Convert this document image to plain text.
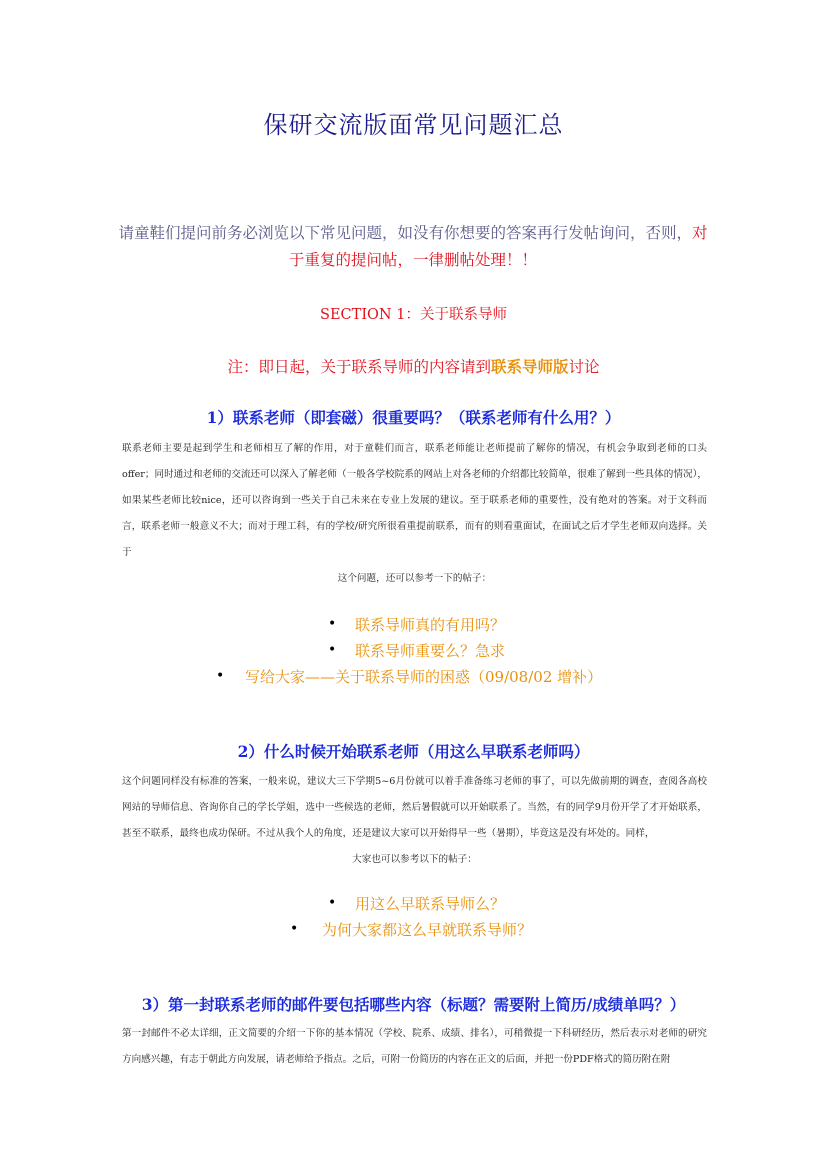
保研交流版面常见问题汇总
请童鞋们提问前务必浏览以下常见问题，如没有你想要的答案再行发帖询问，否则，对于重复的提问帖，一律删帖处理！！
SECTION 1：关于联系导师
注：即日起，关于联系导师的内容请到联系导师版讨论
1）联系老师（即套磁）很重要吗？（联系老师有什么用？）
联系老师主要是起到学生和老师相互了解的作用，对于童鞋们而言，联系老师能让老师提前了解你的情况，有机会争取到老师的口头offer；同时通过和老师的交流还可以深入了解老师（一般各学校院系的网站上对各老师的介绍都比较简单，很难了解到一些具体的情况），如果某些老师比较nice，还可以咨询到一些关于自己未来在专业上发展的建议。至于联系老师的重要性，没有绝对的答案。对于文科而言，联系老师一般意义不大；而对于理工科，有的学校/研究所很看重提前联系，而有的则看重面试，在面试之后才学生老师双向选择。关于
这个问题，还可以参考一下的帖子：
• 联系导师真的有用吗？
• 联系导师重要么？急求
• 写给大家——关于联系导师的困惑（09/08/02 增补）
2）什么时候开始联系老师（用这么早联系老师吗）
这个问题同样没有标准的答案，一般来说，建议大三下学期5~6月份就可以着手准备练习老师的事了，可以先做前期的调查，查阅各高校网站的导师信息、咨询你自己的学长学姐，选中一些候选的老师，然后暑假就可以开始联系了。当然，有的同学9月份开学了才开始联系，甚至不联系，最终也成功保研。不过从我个人的角度，还是建议大家可以开始得早一些（暑期），毕竟这是没有坏处的。同样，
大家也可以参考以下的帖子：
• 用这么早联系导师么？
• 为何大家都这么早就联系导师？
3）第一封联系老师的邮件要包括哪些内容（标题？需要附上简历/成绩单吗？）
第一封邮件不必太详细，正文简要的介绍一下你的基本情况（学校、院系、成绩、排名），可稍微提一下科研经历，然后表示对老师的研究方向感兴趣，有志于朝此方向发展，请老师给予指点。之后，可附一份简历的内容在正文的后面，并把一份PDF格式的简历附在附
